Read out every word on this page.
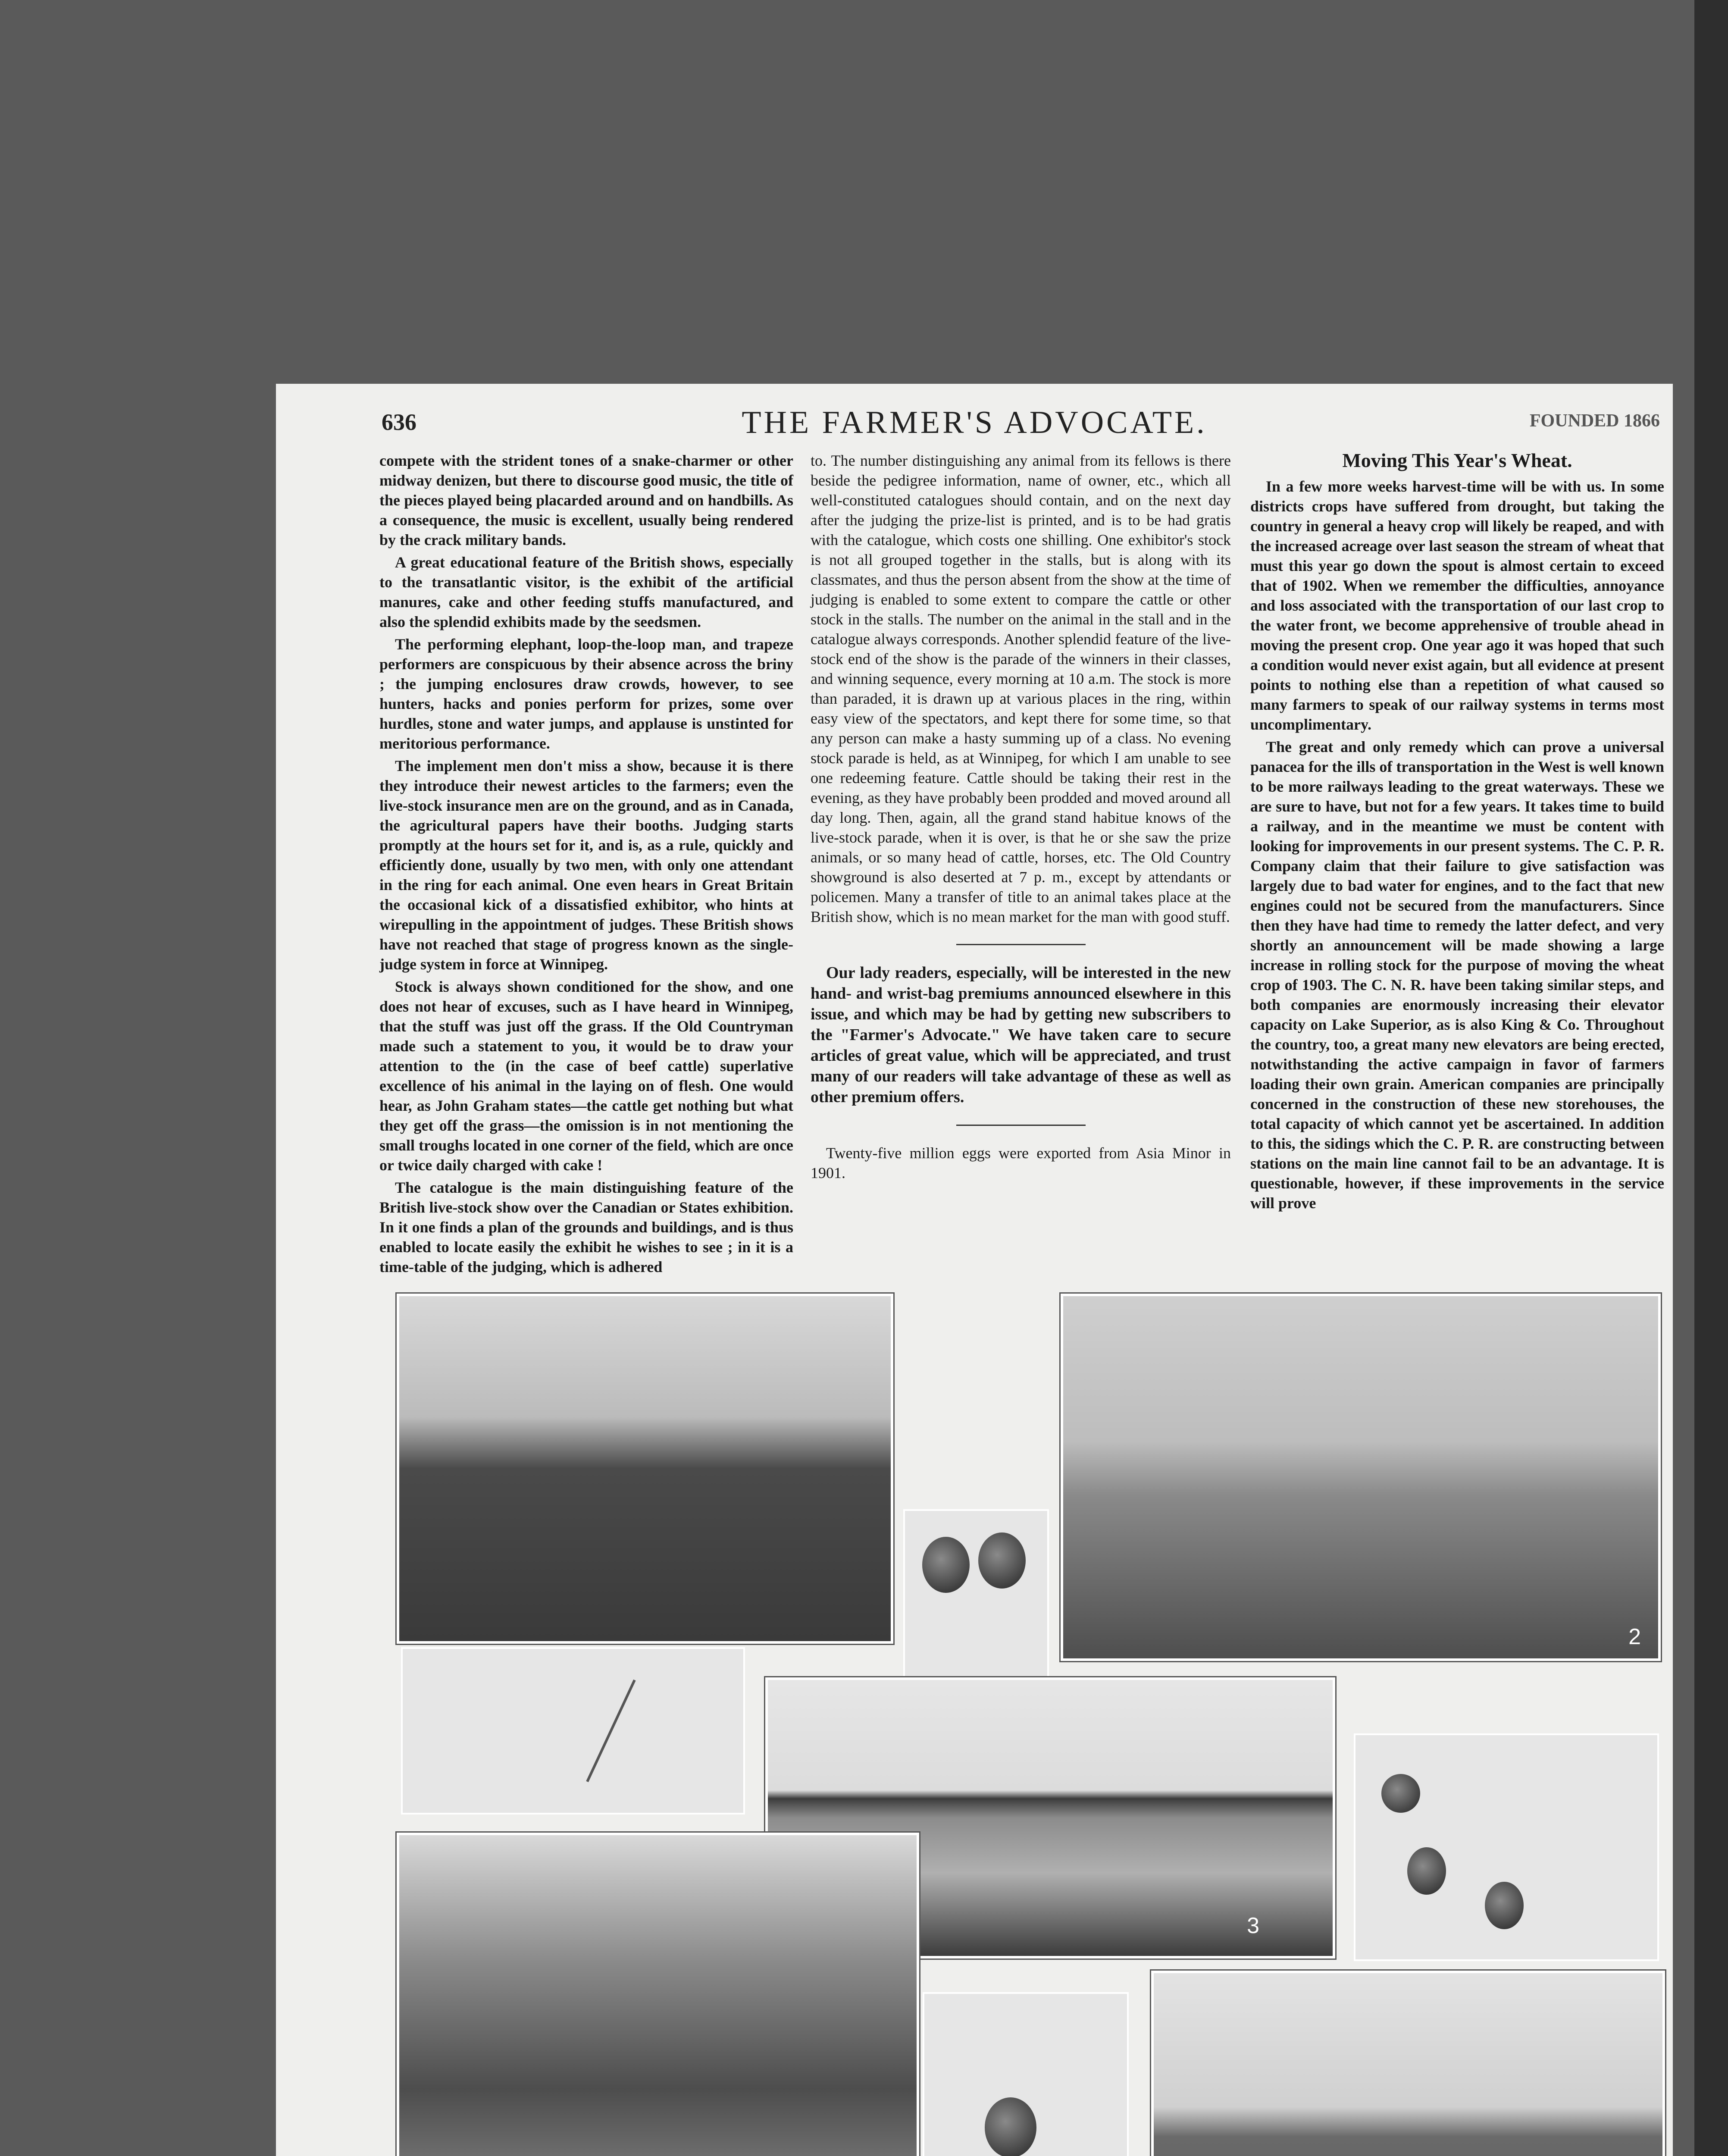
636	THE FARMER'S ADVOCATE.	FOUNDED 1866

compete with the strident tones of a snake-charmer or other midway denizen, but there to discourse good music, the title of the pieces played being placarded around and on handbills. As a consequence, the music is excellent, usually being rendered by the crack military bands.

A great educational feature of the British shows, especially to the transatlantic visitor, is the exhibit of the artificial manures, cake and other feeding stuffs manufactured, and also the splendid exhibits made by the seedsmen.

The performing elephant, loop-the-loop man, and trapeze performers are conspicuous by their absence across the briny ; the jumping enclosures draw crowds, however, to see hunters, hacks and ponies perform for prizes, some over hurdles, stone and water jumps, and applause is unstinted for meritorious performance.

The implement men don't miss a show, because it is there they introduce their newest articles to the farmers; even the live-stock insurance men are on the ground, and as in Canada, the agricultural papers have their booths. Judging starts promptly at the hours set for it, and is, as a rule, quickly and efficiently done, usually by two men, with only one attendant in the ring for each animal. One even hears in Great Britain the occasional kick of a dissatisfied exhibitor, who hints at wirepulling in the appointment of judges. These British shows have not reached that stage of progress known as the single-judge system in force at Winnipeg.

Stock is always shown conditioned for the show, and one does not hear of excuses, such as I have heard in Winnipeg, that the stuff was just off the grass. If the Old Countryman made such a statement to you, it would be to draw your attention to the (in the case of beef cattle) superlative excellence of his animal in the laying on of flesh. One would hear, as John Graham states—the cattle get nothing but what they get off the grass—the omission is in not mentioning the small troughs located in one corner of the field, which are once or twice daily charged with cake !

The catalogue is the main distinguishing feature of the British live-stock show over the Canadian or States exhibition. In it one finds a plan of the grounds and buildings, and is thus enabled to locate easily the exhibit he wishes to see ; in it is a time-table of the judging, which is adhered

to. The number distinguishing any animal from its fellows is there beside the pedigree information, name of owner, etc., which all well-constituted catalogues should contain, and on the next day after the judging the prize-list is printed, and is to be had gratis with the catalogue, which costs one shilling. One exhibitor's stock is not all grouped together in the stalls, but is along with its classmates, and thus the person absent from the show at the time of judging is enabled to some extent to compare the cattle or other stock in the stalls. The number on the animal in the stall and in the catalogue always corresponds. Another splendid feature of the live-stock end of the show is the parade of the winners in their classes, and winning sequence, every morning at 10 a.m. The stock is more than paraded, it is drawn up at various places in the ring, within easy view of the spectators, and kept there for some time, so that any person can make a hasty summing up of a class. No evening stock parade is held, as at Winnipeg, for which I am unable to see one redeeming feature. Cattle should be taking their rest in the evening, as they have probably been prodded and moved around all day long. Then, again, all the grand stand habitue knows of the live-stock parade, when it is over, is that he or she saw the prize animals, or so many head of cattle, horses, etc. The Old Country showground is also deserted at 7 p. m., except by attendants or policemen. Many a transfer of title to an animal takes place at the British show, which is no mean market for the man with good stuff.

Our lady readers, especially, will be interested in the new hand- and wrist-bag premiums announced elsewhere in this issue, and which may be had by getting new subscribers to the "Farmer's Advocate." We have taken care to secure articles of great value, which will be appreciated, and trust many of our readers will take advantage of these as well as other premium offers.

Twenty-five million eggs were exported from Asia Minor in 1901.

Moving This Year's Wheat.

In a few more weeks harvest-time will be with us. In some districts crops have suffered from drought, but taking the country in general a heavy crop will likely be reaped, and with the increased acreage over last season the stream of wheat that must this year go down the spout is almost certain to exceed that of 1902. When we remember the difficulties, annoyance and loss associated with the transportation of our last crop to the water front, we become apprehensive of trouble ahead in moving the present crop. One year ago it was hoped that such a condition would never exist again, but all evidence at present points to nothing else than a repetition of what caused so many farmers to speak of our railway systems in terms most uncomplimentary.

The great and only remedy which can prove a universal panacea for the ills of transportation in the West is well known to be more railways leading to the great waterways. These we are sure to have, but not for a few years. It takes time to build a railway, and in the meantime we must be content with looking for improvements in our present systems. The C. P. R. Company claim that their failure to give satisfaction was largely due to bad water for engines, and to the fact that new engines could not be secured from the manufacturers. Since then they have had time to remedy the latter defect, and very shortly an announcement will be made showing a large increase in rolling stock for the purpose of moving the wheat crop of 1903. The C. N. R. have been taking similar steps, and both companies are enormously increasing their elevator capacity on Lake Superior, as is also King & Co. Throughout the country, too, a great many new elevators are being erected, notwithstanding the active campaign in favor of farmers loading their own grain. American companies are principally concerned in the construction of these new storehouses, the total capacity of which cannot yet be ascertained. In addition to this, the sidings which the C. P. R. are constructing between stations on the main line cannot fail to be an advantage. It is questionable, however, if these improvements in the service will prove

2
3
